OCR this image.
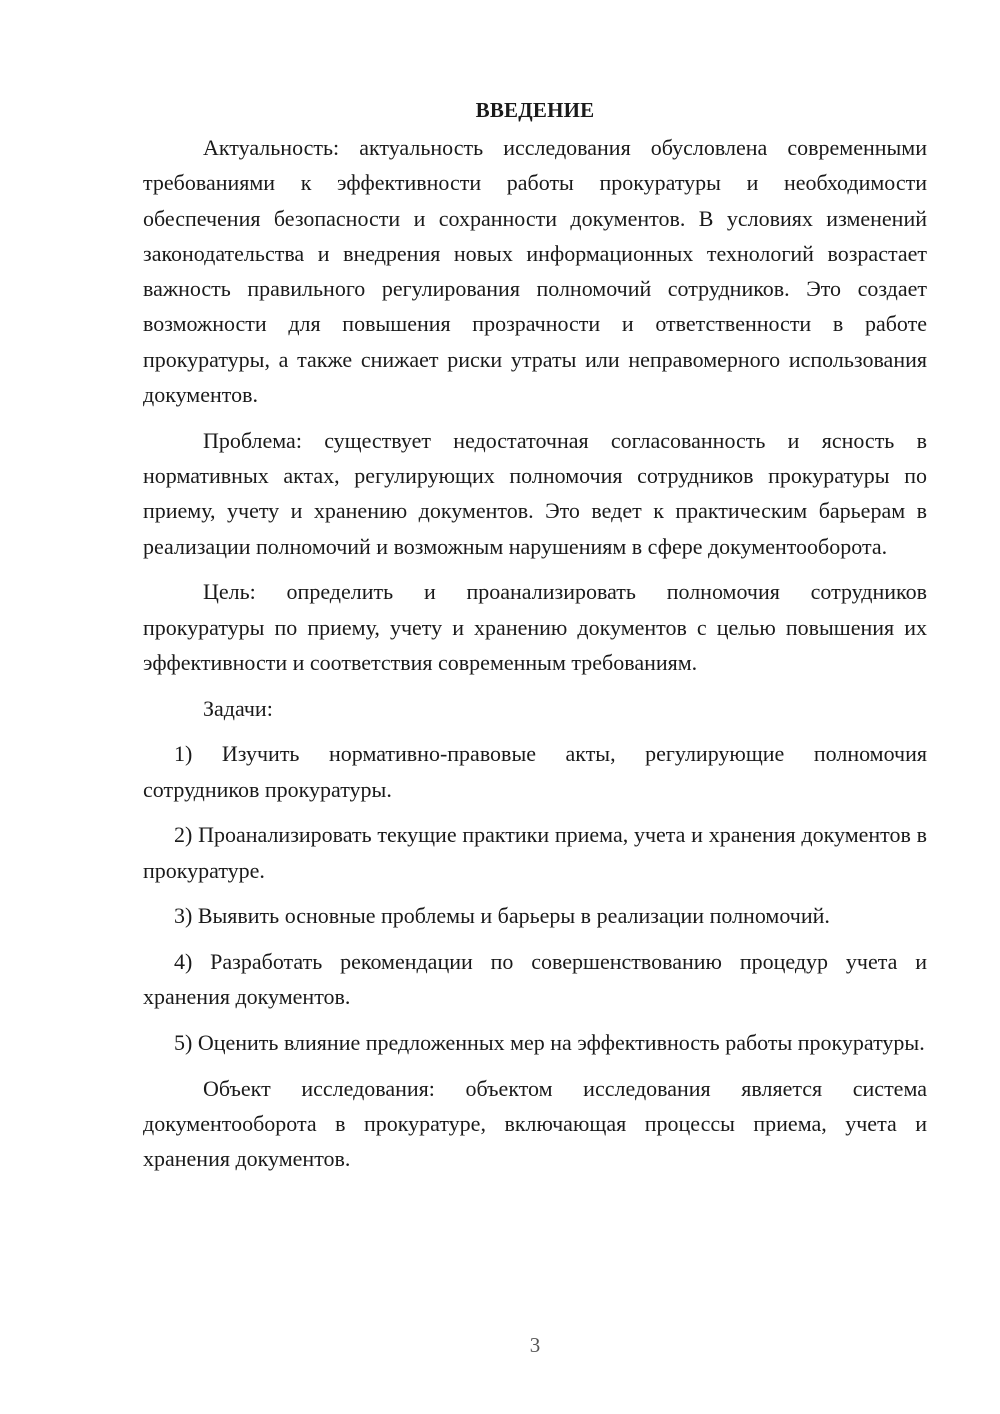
ВВЕДЕНИЕ

Актуальность: актуальность исследования обусловлена современными требованиями к эффективности работы прокуратуры и необходимости обеспечения безопасности и сохранности документов. В условиях изменений законодательства и внедрения новых информационных технологий возрастает важность правильного регулирования полномочий сотрудников. Это создает возможности для повышения прозрачности и ответственности в работе прокуратуры, а также снижает риски утраты или неправомерного использования документов.

Проблема: существует недостаточная согласованность и ясность в нормативных актах, регулирующих полномочия сотрудников прокуратуры по приему, учету и хранению документов. Это ведет к практическим барьерам в реализации полномочий и возможным нарушениям в сфере документооборота.

Цель: определить и проанализировать полномочия сотрудников прокуратуры по приему, учету и хранению документов с целью повышения их эффективности и соответствия современным требованиям.

Задачи:

1) Изучить нормативно-правовые акты, регулирующие полномочия сотрудников прокуратуры.

2) Проанализировать текущие практики приема, учета и хранения документов в прокуратуре.

3) Выявить основные проблемы и барьеры в реализации полномочий.

4) Разработать рекомендации по совершенствованию процедур учета и хранения документов.

5) Оценить влияние предложенных мер на эффективность работы прокуратуры.

Объект исследования: объектом исследования является система документооборота в прокуратуре, включающая процессы приема, учета и хранения документов.

3
